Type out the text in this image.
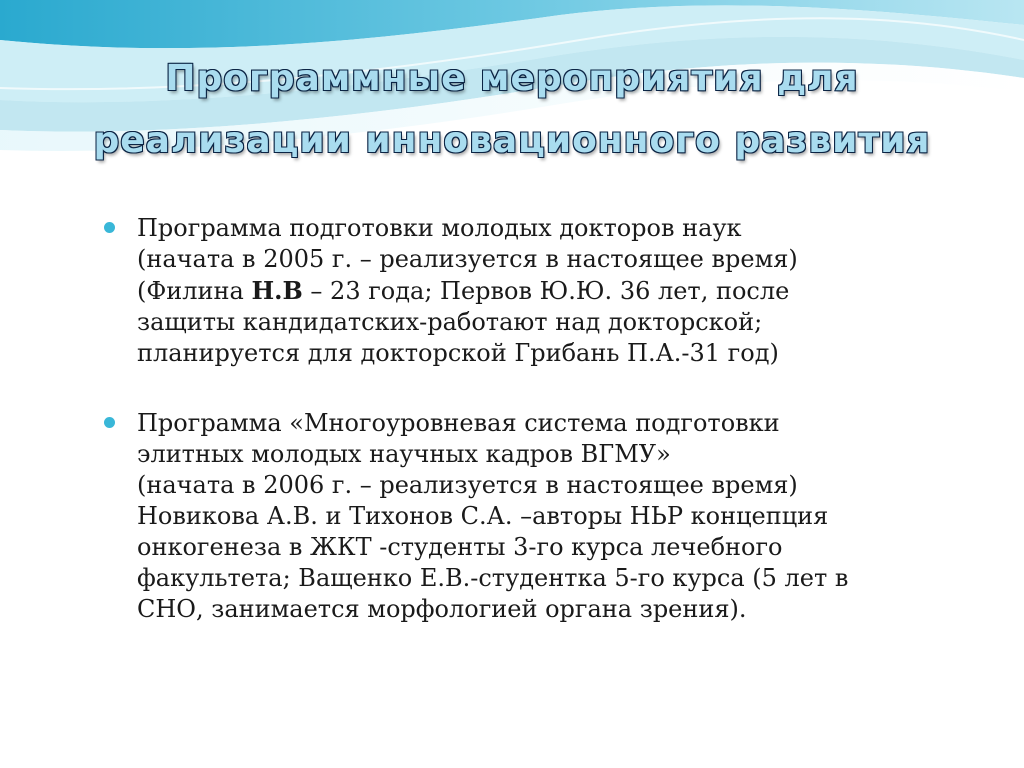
Программные мероприятия для
реализации инновационного развития
Программа подготовки молодых докторов наук
(начата в 2005 г. – реализуется в настоящее время)
(Филина Н.В – 23 года; Первов Ю.Ю. 36 лет, после
защиты кандидатских-работают над докторской;
планируется для докторской Грибань П.А.-31 год)
Программа «Многоуровневая система подготовки
элитных молодых научных кадров ВГМУ»
(начата в 2006 г. – реализуется в настоящее время)
Новикова А.В. и Тихонов С.А. –авторы НЬР концепция
онкогенеза в ЖКТ -студенты 3-го курса лечебного
факультета; Ващенко Е.В.-студентка 5-го курса (5 лет в
СНО, занимается морфологией органа зрения).
